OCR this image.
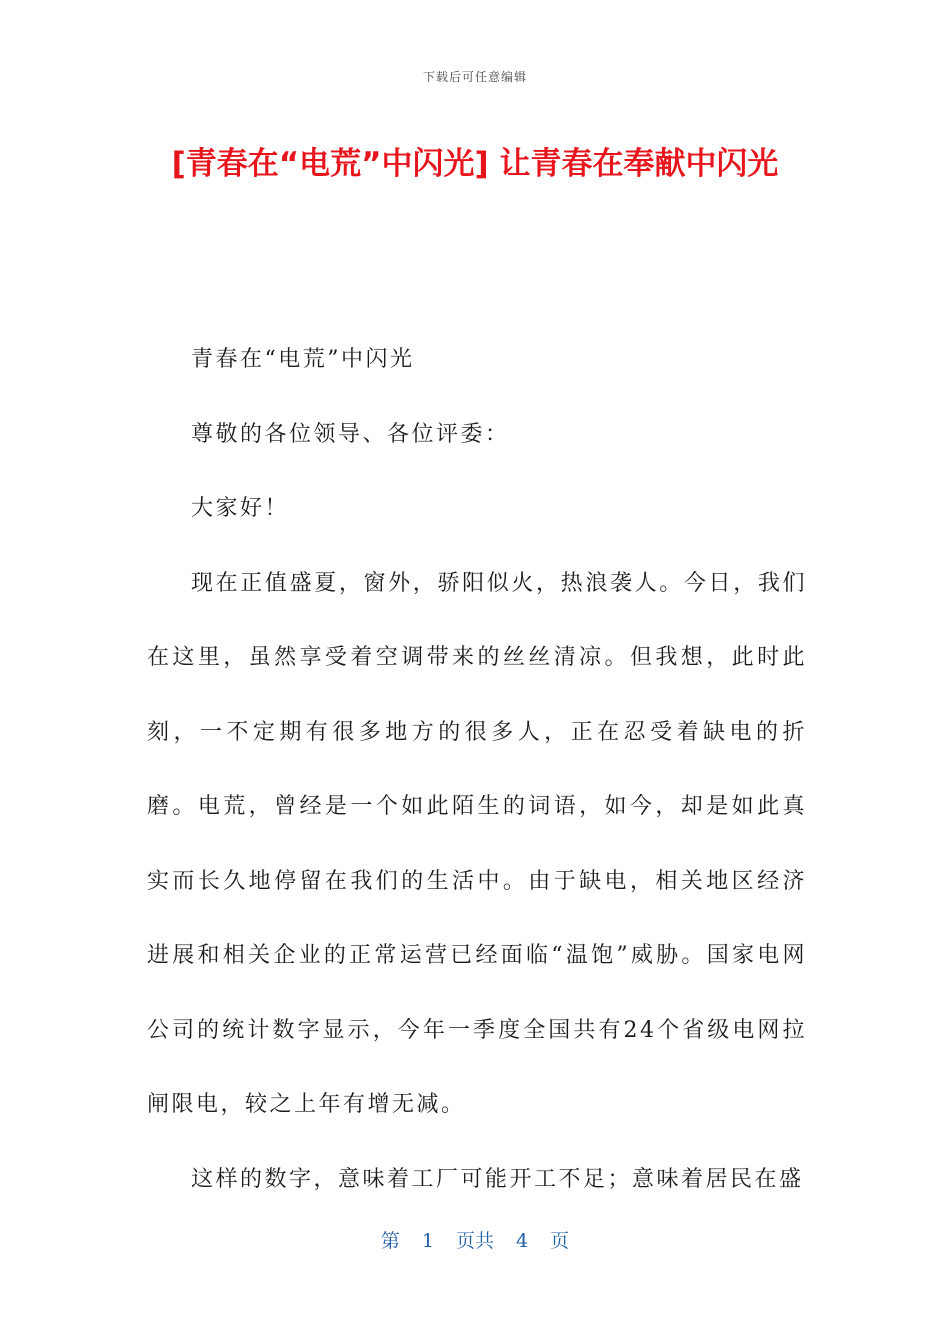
下载后可任意编辑
[青春在“电荒”中闪光] 让青春在奉献中闪光

青春在“电荒”中闪光

尊敬的各位领导、各位评委：

大家好！

现在正值盛夏，窗外，骄阳似火，热浪袭人。今日，我们在这里，虽然享受着空调带来的丝丝清凉。但我想，此时此刻，一不定期有很多地方的很多人，正在忍受着缺电的折磨。电荒，曾经是一个如此陌生的词语，如今，却是如此真实而长久地停留在我们的生活中。由于缺电，相关地区经济进展和相关企业的正常运营已经面临“温饱”威胁。国家电网公司的统计数字显示，今年一季度全国共有24个省级电网拉闸限电，较之上年有增无减。

这样的数字，意味着工厂可能开工不足；意味着居民在盛

第 1 页共 4 页
